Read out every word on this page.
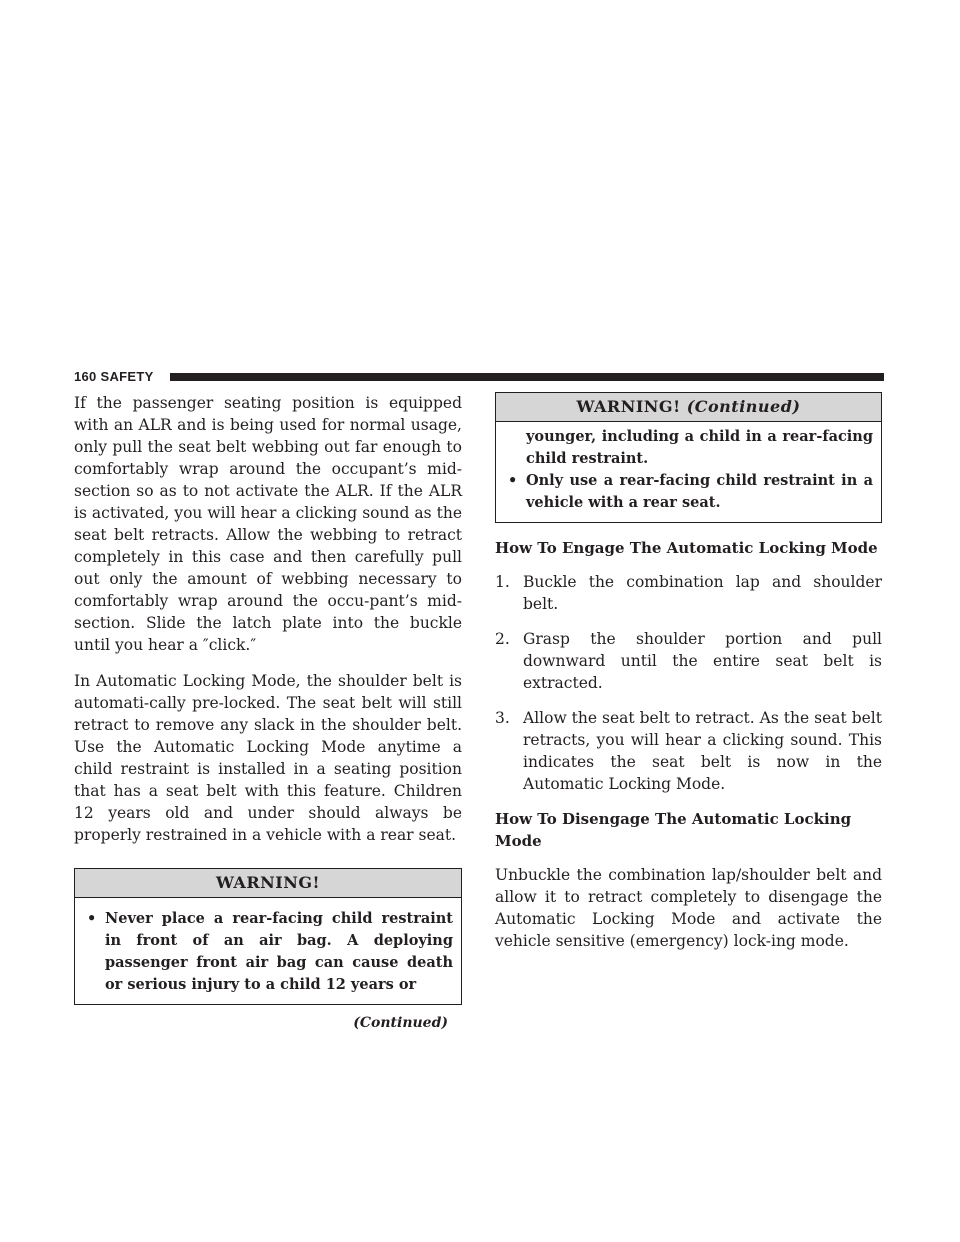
160 SAFETY

If the passenger seating position is equipped with an ALR and is being used for normal usage, only pull the seat belt webbing out far enough to comfortably wrap around the occupant’s mid-section so as to not activate the ALR. If the ALR is activated, you will hear a clicking sound as the seat belt retracts. Allow the webbing to retract completely in this case and then carefully pull out only the amount of webbing necessary to comfortably wrap around the occu-pant’s mid-section. Slide the latch plate into the buckle until you hear a ″click.″

In Automatic Locking Mode, the shoulder belt is automati-cally pre-locked. The seat belt will still retract to remove any slack in the shoulder belt. Use the Automatic Locking Mode anytime a child restraint is installed in a seating position that has a seat belt with this feature. Children 12 years old and under should always be properly restrained in a vehicle with a rear seat.

WARNING!
• Never place a rear-facing child restraint in front of an air bag. A deploying passenger front air bag can cause death or serious injury to a child 12 years or
(Continued)
WARNING! (Continued)
younger, including a child in a rear-facing child restraint.
• Only use a rear-facing child restraint in a vehicle with a rear seat.
How To Engage The Automatic Locking Mode
1. Buckle the combination lap and shoulder belt.
2. Grasp the shoulder portion and pull downward until the entire seat belt is extracted.
3. Allow the seat belt to retract. As the seat belt retracts, you will hear a clicking sound. This indicates the seat belt is now in the Automatic Locking Mode.
How To Disengage The Automatic Locking Mode

Unbuckle the combination lap/shoulder belt and allow it to retract completely to disengage the Automatic Locking Mode and activate the vehicle sensitive (emergency) lock-ing mode.
